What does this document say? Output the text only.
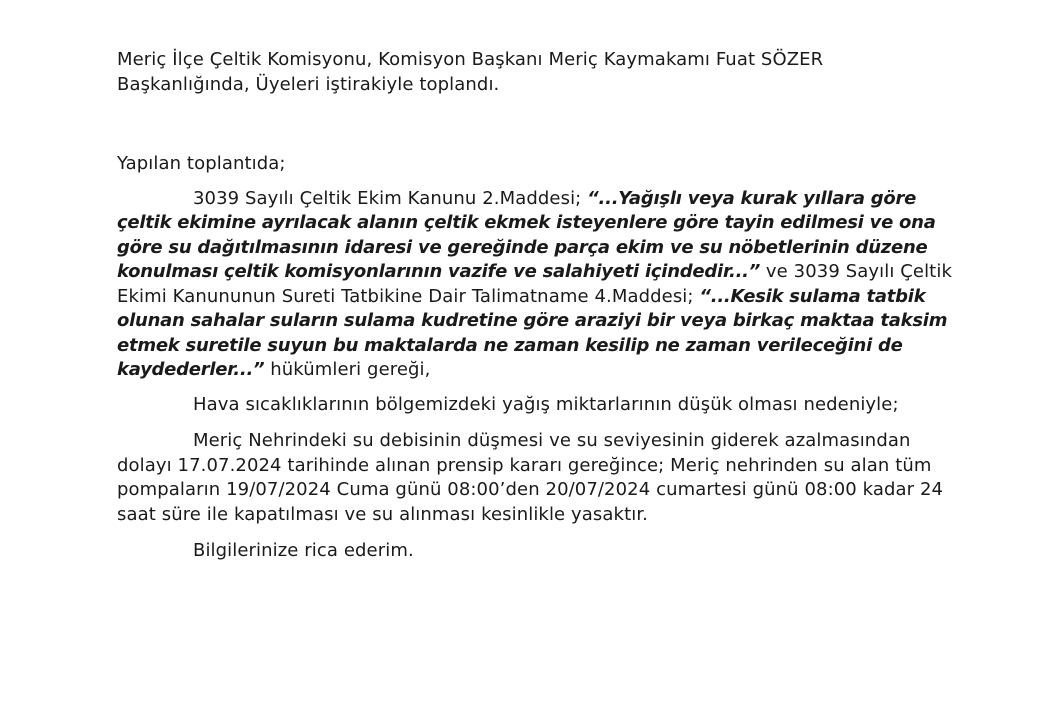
Meriç İlçe Çeltik Komisyonu, Komisyon Başkanı Meriç Kaymakamı Fuat SÖZER Başkanlığında, Üyeleri iştirakiyle toplandı.

Yapılan toplantıda;

3039 Sayılı Çeltik Ekim Kanunu 2.Maddesi; “...Yağışlı veya kurak yıllara göre çeltik ekimine ayrılacak alanın çeltik ekmek isteyenlere göre tayin edilmesi ve ona göre su dağıtılmasının idaresi ve gereğinde parça ekim ve su nöbetlerinin düzene konulması çeltik komisyonlarının vazife ve salahiyeti içindedir...” ve 3039 Sayılı Çeltik Ekimi Kanununun Sureti Tatbikine Dair Talimatname 4.Maddesi; “...Kesik sulama tatbik olunan sahalar suların sulama kudretine göre araziyi bir veya birkaç maktaa taksim etmek suretile suyun bu maktalarda ne zaman kesilip ne zaman verileceğini de kaydederler...” hükümleri gereği,

Hava sıcaklıklarının bölgemizdeki yağış miktarlarının düşük olması nedeniyle;

Meriç Nehrindeki su debisinin düşmesi ve su seviyesinin giderek azalmasından dolayı 17.07.2024 tarihinde alınan prensip kararı gereğince; Meriç nehrinden su alan tüm pompaların 19/07/2024 Cuma günü 08:00’den 20/07/2024 cumartesi günü 08:00 kadar 24 saat süre ile kapatılması ve su alınması kesinlikle yasaktır.

Bilgilerinize rica ederim.
